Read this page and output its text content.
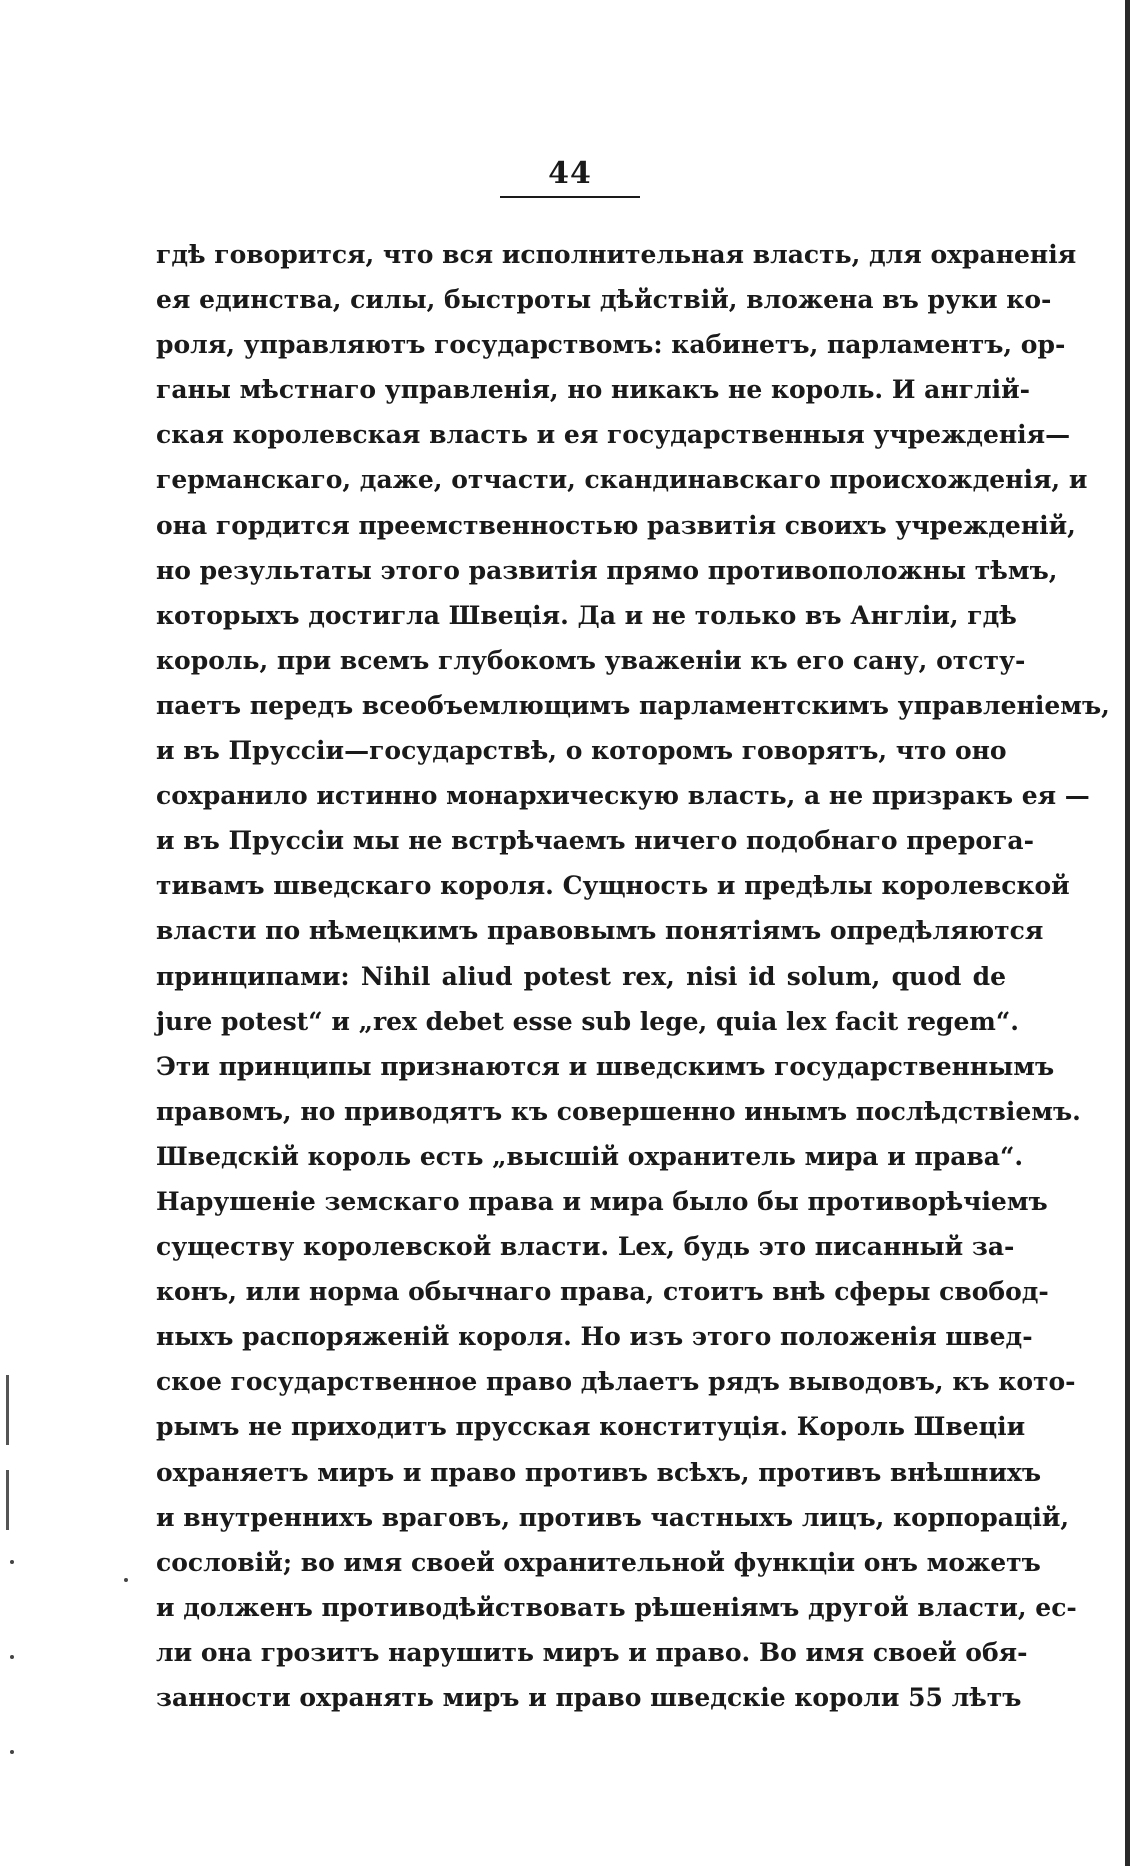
44
гдѣ говорится, что вся исполнительная власть, для охраненія
ея единства, силы, быстроты дѣйствій, вложена въ руки ко-
роля, управляютъ государствомъ: кабинетъ, парламентъ, ор-
ганы мѣстнаго управленія, но никакъ не король. И англій-
ская королевская власть и ея государственныя учрежденія—
германскаго, даже, отчасти, скандинавскаго происхожденія, и
она гордится преемственностью развитія своихъ учрежденій,
но результаты этого развитія прямо противоположны тѣмъ,
которыхъ достигла Швеція. Да и не только въ Англіи, гдѣ
король, при всемъ глубокомъ уваженіи къ его сану, отсту-
паетъ передъ всеобъемлющимъ парламентскимъ управленіемъ,
и въ Пруссіи—государствѣ, о которомъ говорятъ, что оно
сохранило истинно монархическую власть, а не призракъ ея —
и въ Пруссіи мы не встрѣчаемъ ничего подобнаго прерога-
тивамъ шведскаго короля. Сущность и предѣлы королевской
власти по нѣмецкимъ правовымъ понятіямъ опредѣляются
принципами: Nihil aliud potest rex, nisi id solum, quod de
jure potest“ и „rex debet esse sub lege, quia lex facit regem“.
Эти принципы признаются и шведскимъ государственнымъ
правомъ, но приводятъ къ совершенно инымъ послѣдствіемъ.
Шведскій король есть „высшій охранитель мира и права“.
Нарушеніе земскаго права и мира было бы противорѣчіемъ
существу королевской власти. Lex, будь это писанный за-
конъ, или норма обычнаго права, стоитъ внѣ сферы свобод-
ныхъ распоряженій короля. Но изъ этого положенія швед-
ское государственное право дѣлаетъ рядъ выводовъ, къ кото-
рымъ не приходитъ прусская конституція. Король Швеціи
охраняетъ миръ и право противъ всѣхъ, противъ внѣшнихъ
и внутреннихъ враговъ, противъ частныхъ лицъ, корпорацій,
сословій; во имя своей охранительной функціи онъ можетъ
и долженъ противодѣйствовать рѣшеніямъ другой власти, ес-
ли она грозитъ нарушить миръ и право. Во имя своей обя-
занности охранять миръ и право шведскіе короли 55 лѣтъ
